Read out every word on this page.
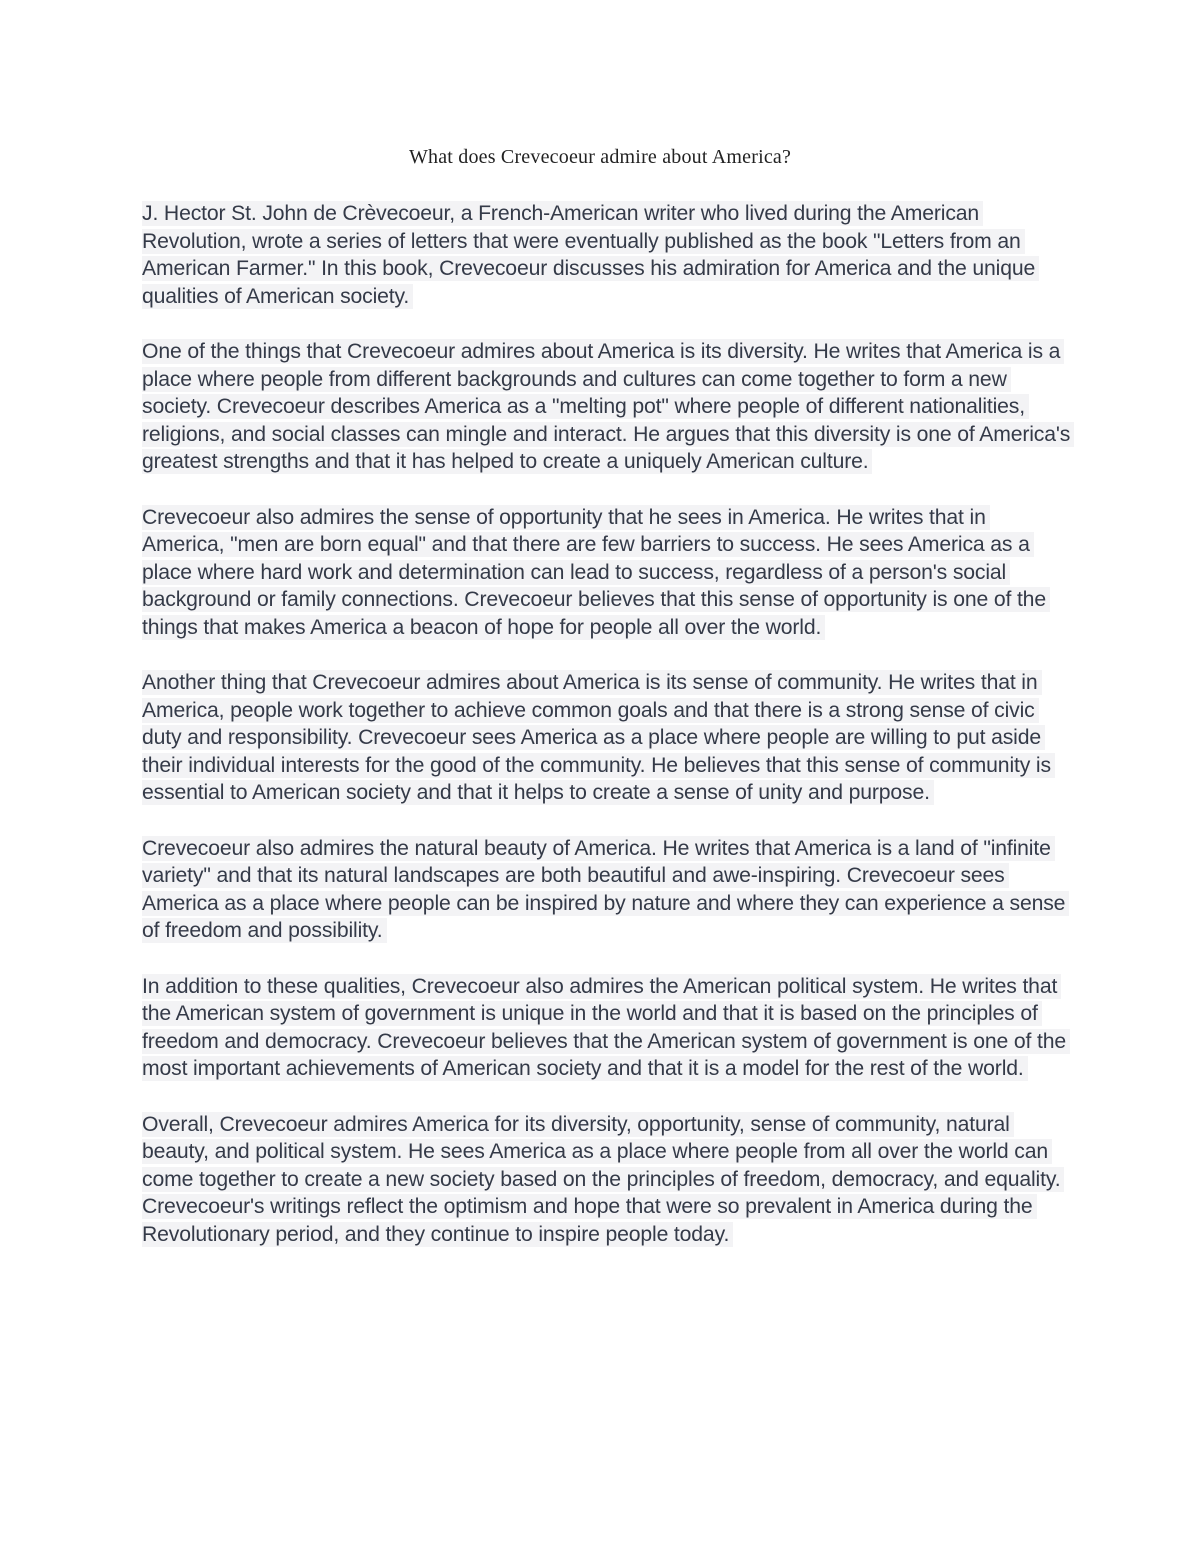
What does Crevecoeur admire about America?

J. Hector St. John de Crèvecoeur, a French-American writer who lived during the American Revolution, wrote a series of letters that were eventually published as the book "Letters from an American Farmer." In this book, Crevecoeur discusses his admiration for America and the unique qualities of American society.

One of the things that Crevecoeur admires about America is its diversity. He writes that America is a place where people from different backgrounds and cultures can come together to form a new society. Crevecoeur describes America as a "melting pot" where people of different nationalities, religions, and social classes can mingle and interact. He argues that this diversity is one of America's greatest strengths and that it has helped to create a uniquely American culture.

Crevecoeur also admires the sense of opportunity that he sees in America. He writes that in America, "men are born equal" and that there are few barriers to success. He sees America as a place where hard work and determination can lead to success, regardless of a person's social background or family connections. Crevecoeur believes that this sense of opportunity is one of the things that makes America a beacon of hope for people all over the world.

Another thing that Crevecoeur admires about America is its sense of community. He writes that in America, people work together to achieve common goals and that there is a strong sense of civic duty and responsibility. Crevecoeur sees America as a place where people are willing to put aside their individual interests for the good of the community. He believes that this sense of community is essential to American society and that it helps to create a sense of unity and purpose.

Crevecoeur also admires the natural beauty of America. He writes that America is a land of "infinite variety" and that its natural landscapes are both beautiful and awe-inspiring. Crevecoeur sees America as a place where people can be inspired by nature and where they can experience a sense of freedom and possibility.

In addition to these qualities, Crevecoeur also admires the American political system. He writes that the American system of government is unique in the world and that it is based on the principles of freedom and democracy. Crevecoeur believes that the American system of government is one of the most important achievements of American society and that it is a model for the rest of the world.

Overall, Crevecoeur admires America for its diversity, opportunity, sense of community, natural beauty, and political system. He sees America as a place where people from all over the world can come together to create a new society based on the principles of freedom, democracy, and equality. Crevecoeur's writings reflect the optimism and hope that were so prevalent in America during the Revolutionary period, and they continue to inspire people today.
